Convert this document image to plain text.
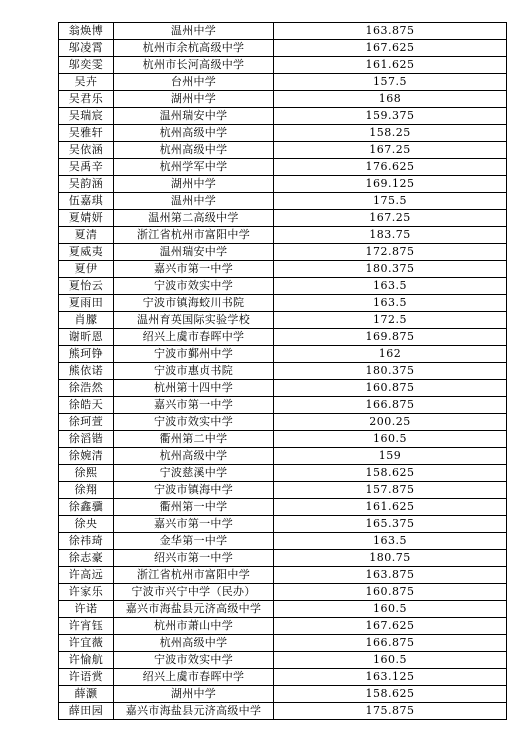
翁焕博	温州中学	163.875
邬凌霄	杭州市余杭高级中学	167.625
邬奕雯	杭州市长河高级中学	161.625
吴卉	台州中学	157.5
吴君乐	湖州中学	168
吴瑞宸	温州瑞安中学	159.375
吴雅轩	杭州高级中学	158.25
吴依涵	杭州高级中学	167.25
吴禹辛	杭州学军中学	176.625
吴韵涵	湖州中学	169.125
伍嘉琪	温州中学	175.5
夏婧妍	温州第二高级中学	167.25
夏清	浙江省杭州市富阳中学	183.75
夏威夷	温州瑞安中学	172.875
夏伊	嘉兴市第一中学	180.375
夏怡云	宁波市效实中学	163.5
夏雨田	宁波市镇海蛟川书院	163.5
肖朦	温州育英国际实验学校	172.5
谢昕恩	绍兴上虞市春晖中学	169.875
熊珂铮	宁波市鄞州中学	162
熊依诺	宁波市惠贞书院	180.375
徐浩然	杭州第十四中学	160.875
徐皓天	嘉兴市第一中学	166.875
徐珂萱	宁波市效实中学	200.25
徐滔锴	衢州第二中学	160.5
徐婉清	杭州高级中学	159
徐熙	宁波慈溪中学	158.625
徐翔	宁波市镇海中学	157.875
徐鑫骥	衢州第一中学	161.625
徐央	嘉兴市第一中学	165.375
徐祎琦	金华第一中学	163.5
徐志豪	绍兴市第一中学	180.75
许高远	浙江省杭州市富阳中学	163.875
许家乐	宁波市兴宁中学（民办）	160.875
许诺	嘉兴市海盐县元济高级中学	160.5
许宵钰	杭州市萧山中学	167.625
许宜薇	杭州高级中学	166.875
许愉航	宁波市效实中学	160.5
许语赏	绍兴上虞市春晖中学	163.125
薛灏	湖州中学	158.625
薛田园	嘉兴市海盐县元济高级中学	175.875
